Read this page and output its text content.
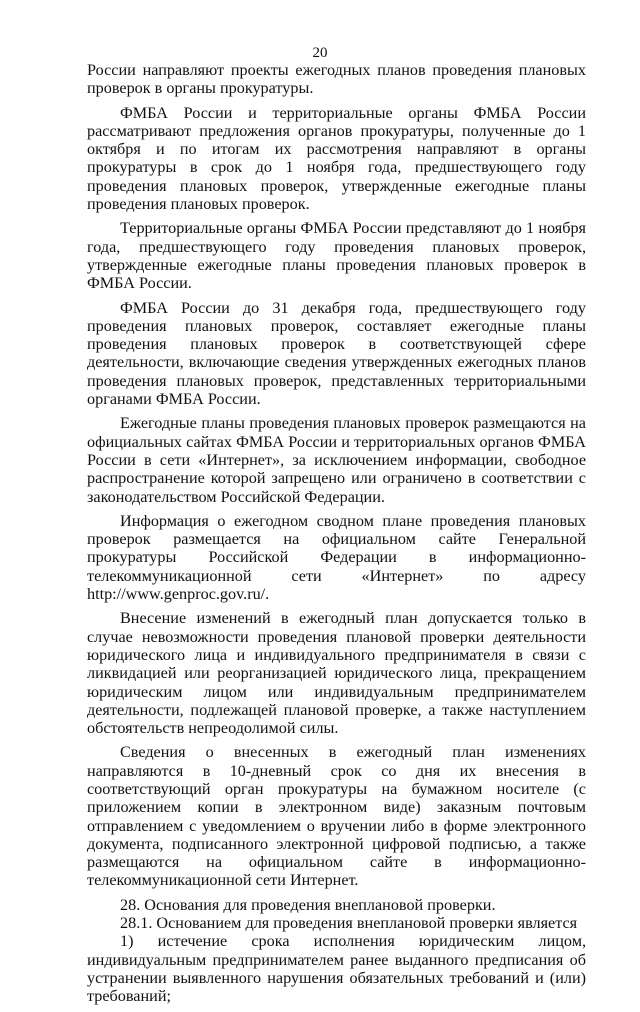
20

России направляют проекты ежегодных планов проведения плановых проверок в органы прокуратуры.

ФМБА России и территориальные органы ФМБА России рассматривают предложения органов прокуратуры, полученные до 1 октября и по итогам их рассмотрения направляют в органы прокуратуры в срок до 1 ноября года, предшествующего году проведения плановых проверок, утвержденные ежегодные планы проведения плановых проверок.

Территориальные органы ФМБА России представляют до 1 ноября года, предшествующего году проведения плановых проверок, утвержденные ежегодные планы проведения плановых проверок в ФМБА России.

ФМБА России до 31 декабря года, предшествующего году проведения плановых проверок, составляет ежегодные планы проведения плановых проверок в соответствующей сфере деятельности, включающие сведения утвержденных ежегодных планов проведения плановых проверок, представленных территориальными органами ФМБА России.

Ежегодные планы проведения плановых проверок размещаются на официальных сайтах ФМБА России и территориальных органов ФМБА России в сети «Интернет», за исключением информации, свободное распространение которой запрещено или ограничено в соответствии с законодательством Российской Федерации.

Информация о ежегодном сводном плане проведения плановых проверок размещается на официальном сайте Генеральной прокуратуры Российской Федерации в информационно-телекоммуникационной сети «Интернет» по адресу http://www.genproc.gov.ru/.

Внесение изменений в ежегодный план допускается только в случае невозможности проведения плановой проверки деятельности юридического лица и индивидуального предпринимателя в связи с ликвидацией или реорганизацией юридического лица, прекращением юридическим лицом или индивидуальным предпринимателем деятельности, подлежащей плановой проверке, а также наступлением обстоятельств непреодолимой силы.

Сведения о внесенных в ежегодный план изменениях направляются в 10-дневный срок со дня их внесения в соответствующий орган прокуратуры на бумажном носителе (с приложением копии в электронном виде) заказным почтовым отправлением с уведомлением о вручении либо в форме электронного документа, подписанного электронной цифровой подписью, а также размещаются на официальном сайте в информационно-телекоммуникационной сети Интернет.

28. Основания для проведения внеплановой проверки.

28.1. Основанием для проведения внеплановой проверки является

1) истечение срока исполнения юридическим лицом, индивидуальным предпринимателем ранее выданного предписания об устранении выявленного нарушения обязательных требований и (или) требований;
